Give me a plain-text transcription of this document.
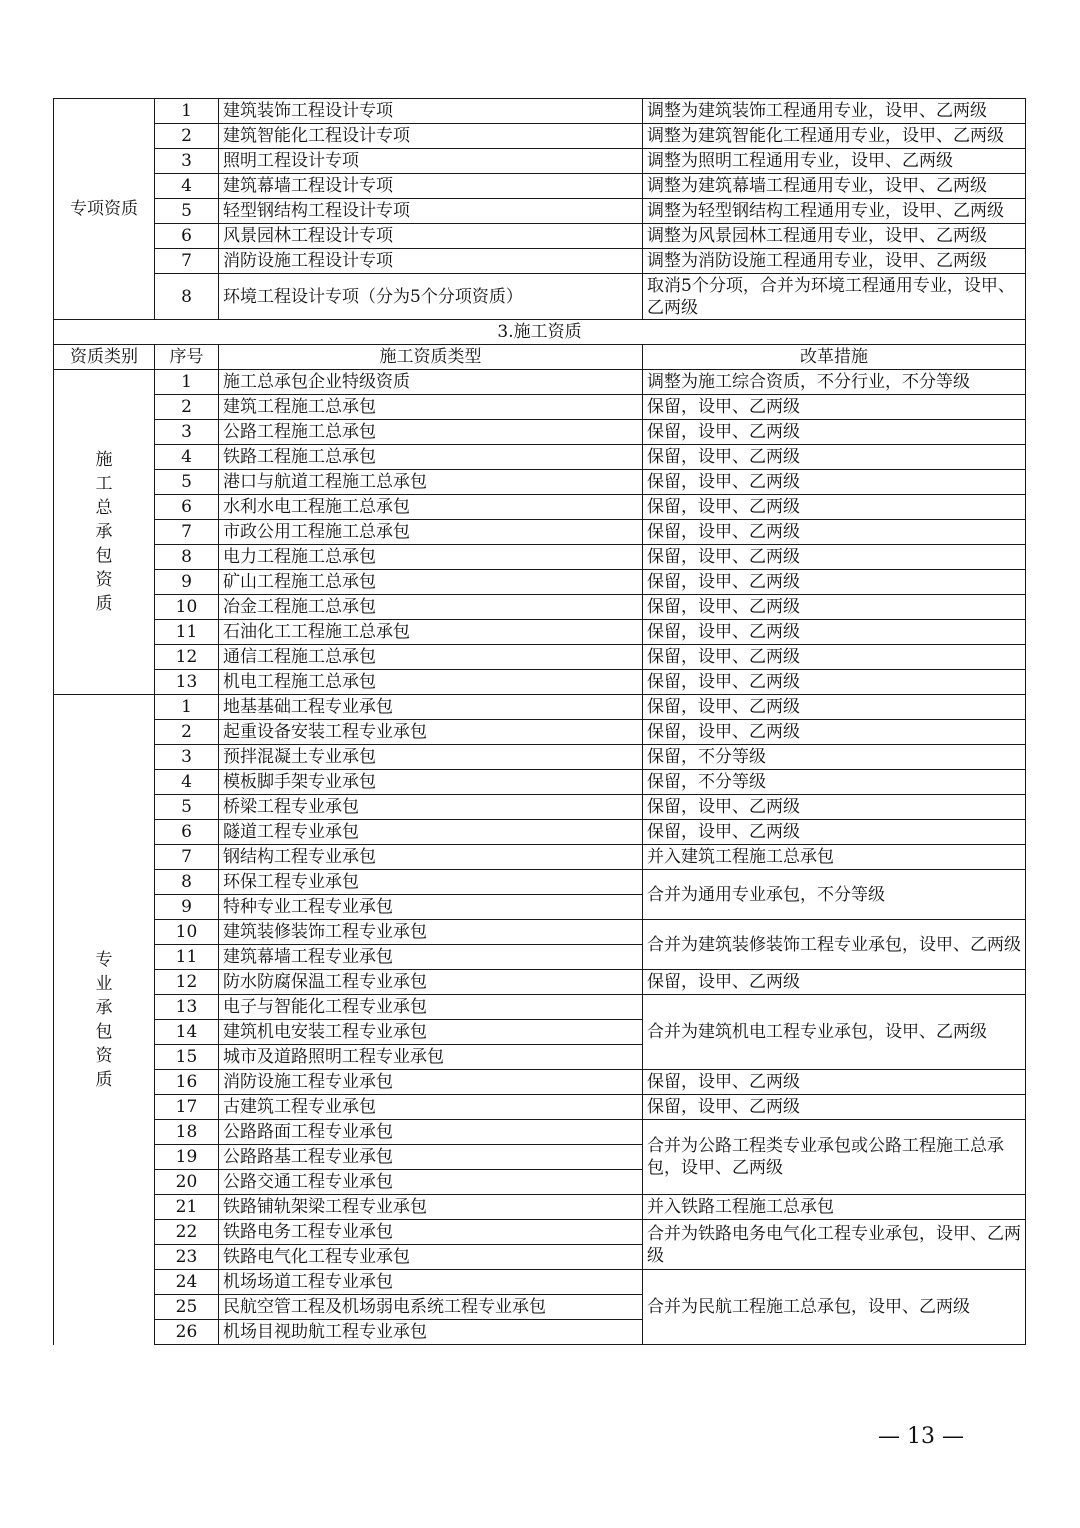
专项资质	1	建筑装饰工程设计专项	调整为建筑装饰工程通用专业，设甲、乙两级
	2	建筑智能化工程设计专项	调整为建筑智能化工程通用专业，设甲、乙两级

	3	照明工程设计专项	调整为照明工程通用专业，设甲、乙两级
	4	建筑幕墙工程设计专项	调整为建筑幕墙工程通用专业，设甲、乙两级
	5	轻型钢结构工程设计专项	调整为轻型钢结构工程通用专业，设甲、乙两级

	6	风景园林工程设计专项	调整为风景园林工程通用专业，设甲、乙两级
	7	消防设施工程设计专项	调整为消防设施工程通用专业，设甲、乙两级
	8	环境工程设计专项（分为5个分项资质）	取消5个分项，合并为环境工程通用专业，设甲、乙两级
3.施工资质			
资质类别	序号	施工资质类型	改革措施
施工总承包资质	1	施工总承包企业特级资质	调整为施工综合资质，不分行业，不分等级
	2	建筑工程施工总承包	保留，设甲、乙两级
	3	公路工程施工总承包	保留，设甲、乙两级
	4	铁路工程施工总承包	保留，设甲、乙两级
	5	港口与航道工程施工总承包	保留，设甲、乙两级
	6	水利水电工程施工总承包	保留，设甲、乙两级
	7	市政公用工程施工总承包	保留，设甲、乙两级
	8	电力工程施工总承包	保留，设甲、乙两级
	9	矿山工程施工总承包	保留，设甲、乙两级
	10	冶金工程施工总承包	保留，设甲、乙两级
	11	石油化工工程施工总承包	保留，设甲、乙两级
	12	通信工程施工总承包	保留，设甲、乙两级
	13	机电工程施工总承包	保留，设甲、乙两级
专业承包资质	1	地基基础工程专业承包	保留，设甲、乙两级
	2	起重设备安装工程专业承包	保留，设甲、乙两级
	3	预拌混凝土专业承包	保留，不分等级
	4	模板脚手架专业承包	保留，不分等级
	5	桥梁工程专业承包	保留，设甲、乙两级
	6	隧道工程专业承包	保留，设甲、乙两级
	7	钢结构工程专业承包	并入建筑工程施工总承包
	8	环保工程专业承包	合并为通用专业承包，不分等级
	9	特种专业工程专业承包	
	10	建筑装修装饰工程专业承包	合并为建筑装修装饰工程专业承包，设甲、乙两级
	11	建筑幕墙工程专业承包	
	12	防水防腐保温工程专业承包	保留，设甲、乙两级
	13	电子与智能化工程专业承包	合并为建筑机电工程专业承包，设甲、乙两级
	14	建筑机电安装工程专业承包	
	15	城市及道路照明工程专业承包	
	16	消防设施工程专业承包	保留，设甲、乙两级
	17	古建筑工程专业承包	保留，设甲、乙两级
	18	公路路面工程专业承包	合并为公路工程类专业承包或公路工程施工总承包，设甲、乙两级
	19	公路路基工程专业承包	
	20	公路交通工程专业承包	
	21	铁路铺轨架梁工程专业承包	并入铁路工程施工总承包
	22	铁路电务工程专业承包	合并为铁路电务电气化工程专业承包，设甲、乙两级
	23	铁路电气化工程专业承包	
	24	机场场道工程专业承包	合并为民航工程施工总承包，设甲、乙两级
	25	民航空管工程及机场弱电系统工程专业承包	
	26	机场目视助航工程专业承包	
— 13 —
